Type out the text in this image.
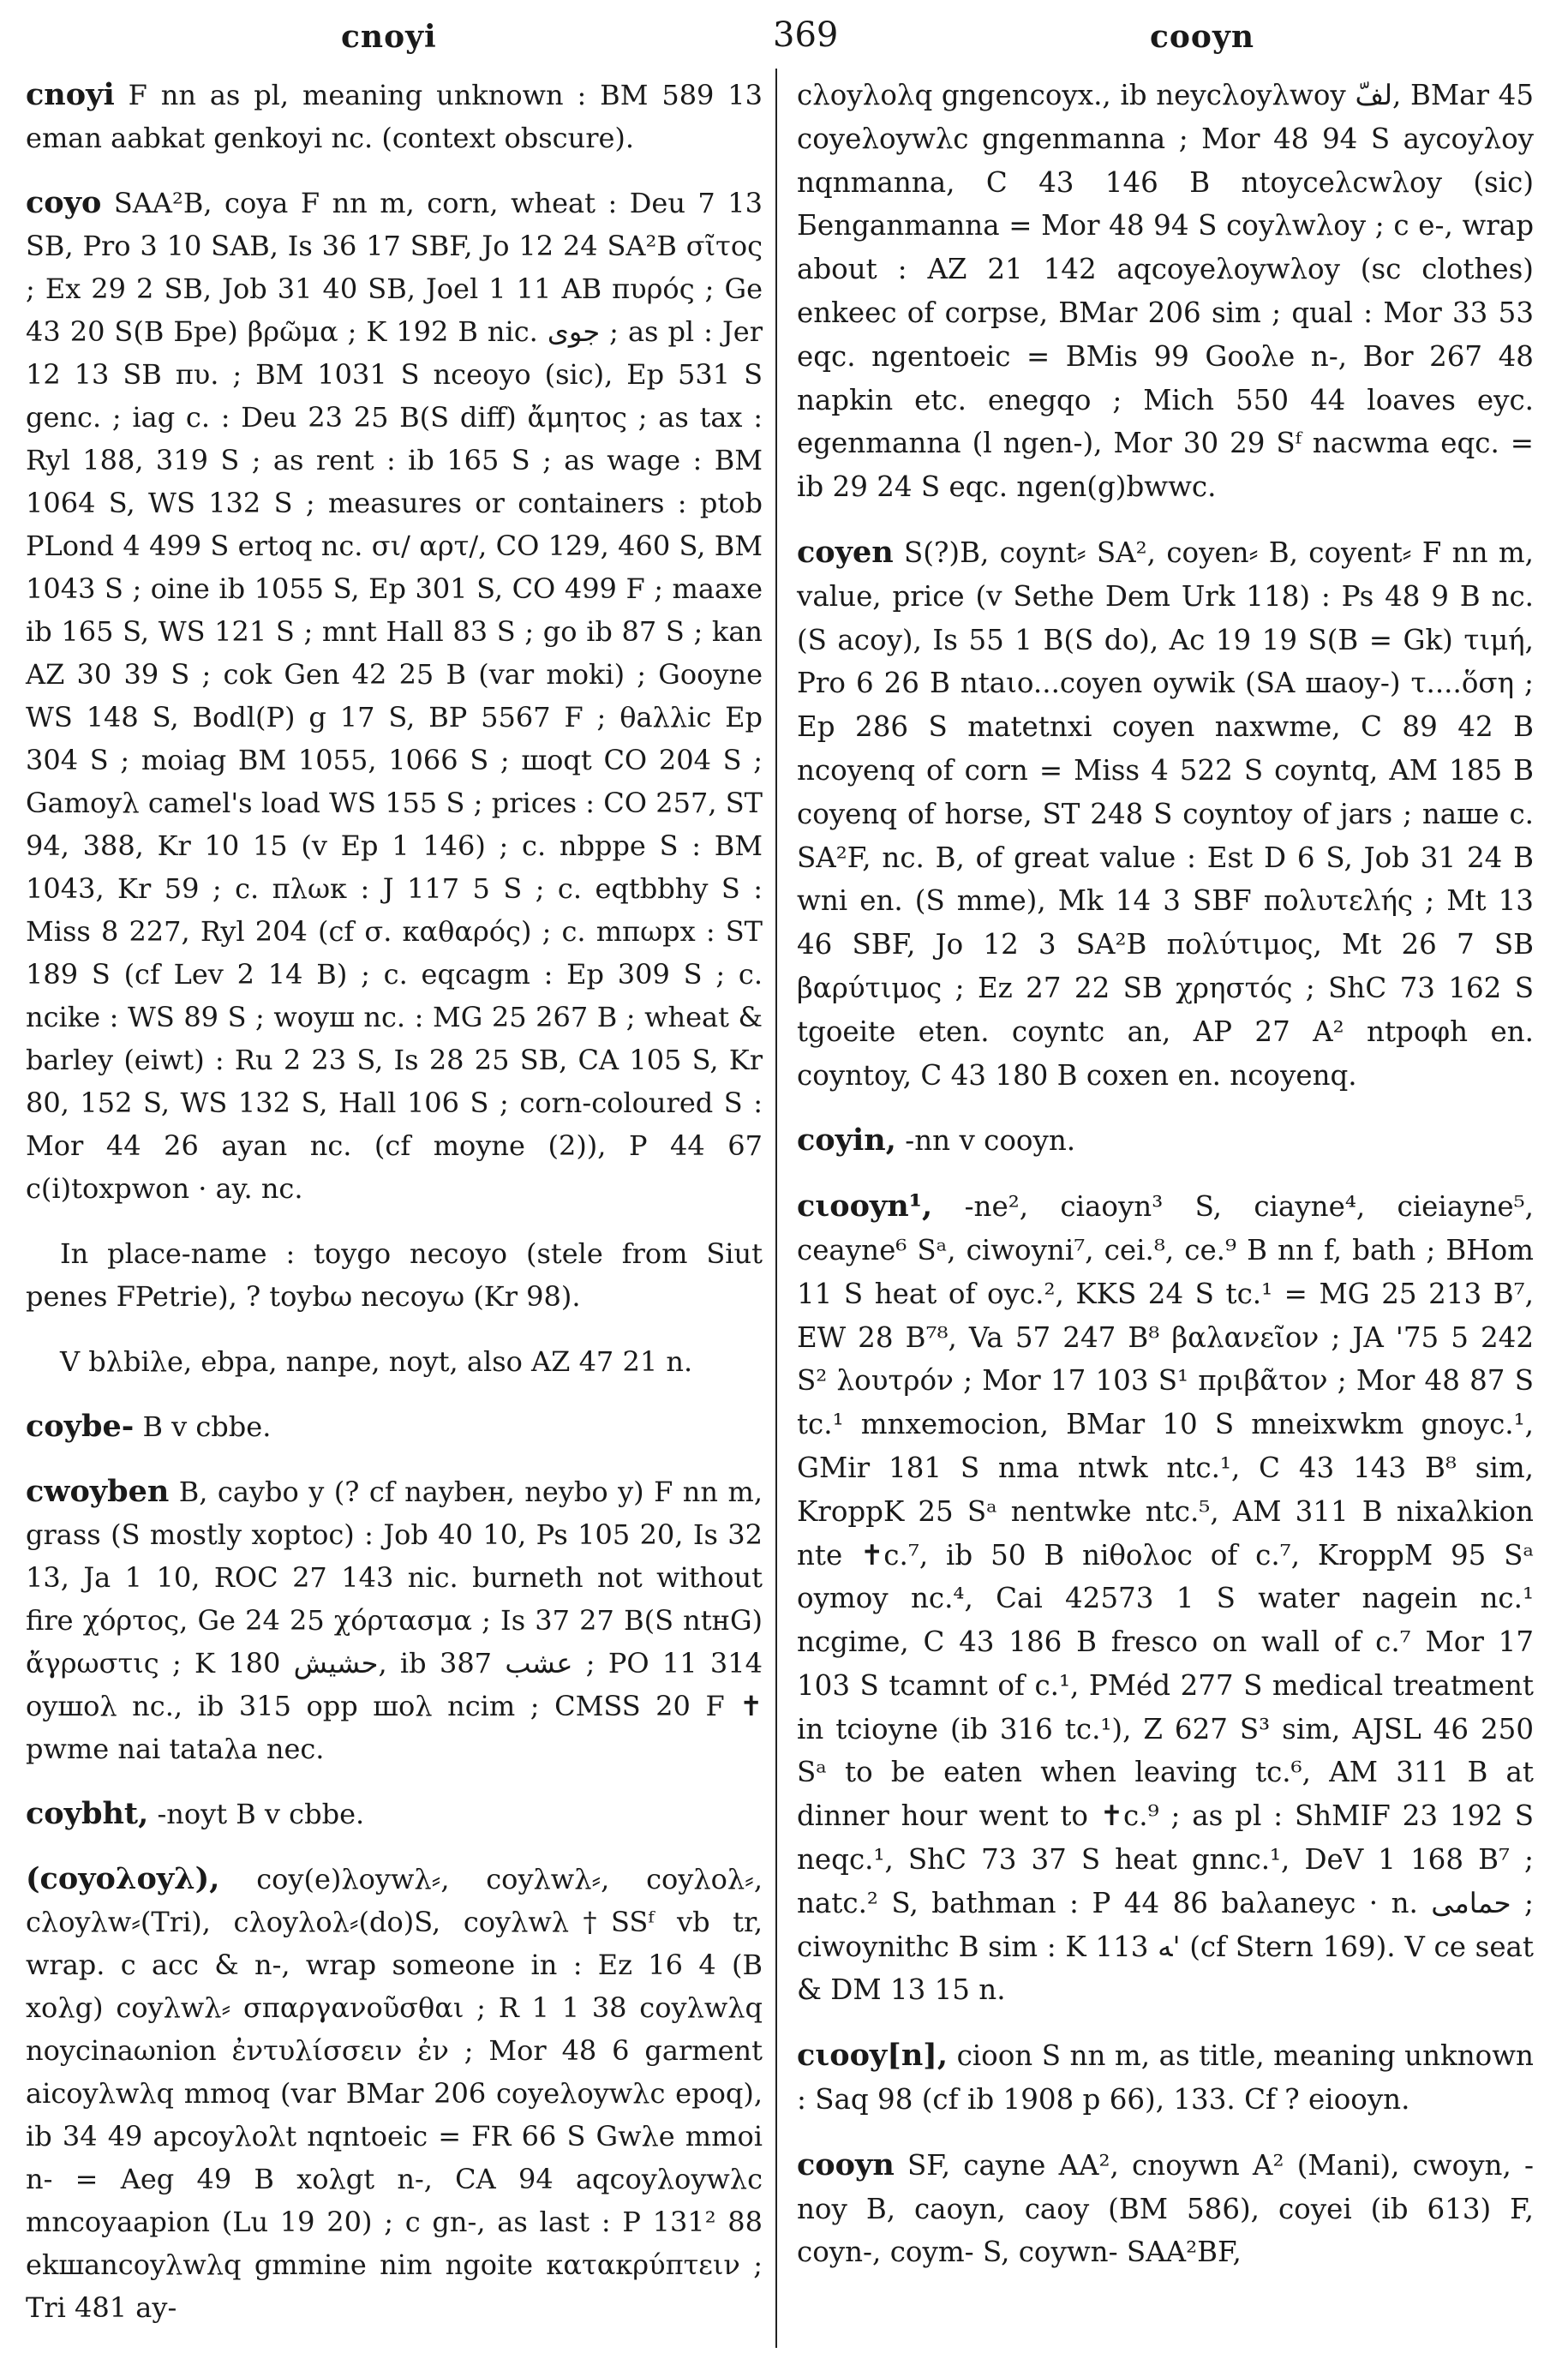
cnoyi	369	cooyn

cnoyi F nn as pl, meaning unknown : BM 589 13 eman aabkat genkoyi nc. (context obscure).

coyo SAA²B, coya F nn m, corn, wheat : Deu 7 13 SB, Pro 3 10 SAB, Is 36 17 SBF, Jo 12 24 SA²B σῖτος ; Ex 29 2 SB, Job 31 40 SB, Joel 1 11 AB πυρός ; Ge 43 20 S(B Бpe) βρῶμα ; K 192 B nic. ﺟﻮﻯ ; as pl : Jer 12 13 SB πυ. ; BM 1031 S nceoyo (sic), Ep 531 S genc. ; iag c. : Deu 23 25 B(S diff) ἄμητος ; as tax : Ryl 188, 319 S ; as rent : ib 165 S ; as wage : BM 1064 S, WS 132 S ; measures or containers : ptob PLond 4 499 S ertoq nc. σι/ αρτ/, CO 129, 460 S, BM 1043 S ; oine ib 1055 S, Ep 301 S, CO 499 F ; maaxe ib 165 S, WS 121 S ; mnt Hall 83 S ; go ib 87 S ; kan AZ 30 39 S ; cok Gen 42 25 B (var moki) ; Gooyne WS 148 S, Bodl(P) g 17 S, BP 5567 F ; θaλλic Ep 304 S ; moiag BM 1055, 1066 S ; шoqt CO 204 S ; Gamoyλ camel's load WS 155 S ; prices : CO 257, ST 94, 388, Kr 10 15 (v Ep 1 146) ; c. nbppe S : BM 1043, Kr 59 ; c. πλωκ : J 117 5 S ; c. eqtbbhy S : Miss 8 227, Ryl 204 (cf σ. καθαρός) ; c. mπωpx : ST 189 S (cf Lev 2 14 B) ; c. eqcagm : Ep 309 S ; c. ncike : WS 89 S ; woyш nc. : MG 25 267 B ; wheat & barley (eiwt) : Ru 2 23 S, Is 28 25 SB, CA 105 S, Kr 80, 152 S, WS 132 S, Hall 106 S ; corn-coloured S : Mor 44 26 ayan nc. (cf moyne (2)), P 44 67 c(i)toxpwon · ay. nc.

In place-name : toygo necoyo (stele from Siut penes FPetrie), ? toybω necoyω (Kr 98).

V bλbiλe, ebpa, nanpe, noyt, also AZ 47 21 n.

coybe- B v cbbe.

cwoyben B, caybo y (? cf naybeн, neybo y) F nn m, grass (S mostly xoptoc) : Job 40 10, Ps 105 20, Is 32 13, Ja 1 10, ROC 27 143 nic. burneth not without fire χόρτος, Ge 24 25 χόρτασμα ; Is 37 27 B(S ntнG) ἄγρωστις ; K 180 حشيش, ib 387 عشب ; PO 11 314 oyшoλ nc., ib 315 opp шoλ ncim ; CMSS 20 F ✝ pwme nai tataλa nec.

coybht, -noyt B v cbbe.

(coyoλoyλ), coy(e)λoywλ⸗, coyλwλ⸗, coyλoλ⸗, cλoyλw⸗(Tri), cλoyλoλ⸗(do)S, coyλwλ†SSᶠ vb tr, wrap. c acc & n-, wrap someone in : Ez 16 4 (B xoλg) coyλwλ⸗ σπαργανοῦσθαι ; R 1 1 38 coyλwλq noycinaωnion ἐντυλίσσειν ἐν ; Mor 48 6 garment aicoyλwλq mmoq (var BMar 206 coyeλoywλc epoq), ib 34 49 apcoyλoλt nqntoeic = FR 66 S Gwλe mmoi n- = Aeg 49 B xoλgt n-, CA 94 aqcoyλoywλc mncoyaapion (Lu 19 20) ; c gn-, as last : P 131² 88 ekшancoyλwλq gmmine nim ngoite κατακρύπτειν ; Tri 481 ay-

cλoyλoλq gngencoyx., ib neycλoyλwoy لفّ, BMar 45 coyeλoywλc gngenmanna ; Mor 48 94 S aycoyλoy nqnmanna, C 43 146 B ntoyceλcwλoy (sic) Бenganmanna = Mor 48 94 S coyλwλoy ; c e-, wrap about : AZ 21 142 aqcoyeλoywλoy (sc clothes) enkeec of corpse, BMar 206 sim ; qual : Mor 33 53 eqc. ngentoeic = BMis 99 Gooλe n-, Bor 267 48 napkin etc. enegqo ; Mich 550 44 loaves eyc. egenmanna (l ngen-), Mor 30 29 Sᶠ nacwma eqc. = ib 29 24 S eqc. ngen(g)bwwc.

coyen S(?)B, coynt⸗ SA², coyen⸗ B, coyent⸗ F nn m, value, price (v Sethe Dem Urk 118) : Ps 48 9 B nc. (S acoy), Is 55 1 B(S do), Ac 19 19 S(B = Gk) τιμή, Pro 6 26 B ntaιo...coyen oywik (SA шaoy-) τ....ὅση ; Ep 286 S matetnxi coyen naxwme, C 89 42 B ncoyenq of corn = Miss 4 522 S coyntq, AM 185 B coyenq of horse, ST 248 S coyntoy of jars ; naшe c. SA²F, nc. B, of great value : Est D 6 S, Job 31 24 B wni en. (S mme), Mk 14 3 SBF πολυτελής ; Mt 13 46 SBF, Jo 12 3 SA²B πολύτιμος, Mt 26 7 SB βαρύτιμος ; Ez 27 22 SB χρηστός ; ShC 73 162 S tgoeite eten. coyntc an, AP 27 A² ntpoφh en. coyntoy, C 43 180 B coxen en. ncoyenq.

coyin, -nn v cooyn.

cιooyn¹, -ne², ciaoyn³ S, ciayne⁴, cieiayne⁵, ceayne⁶ Sᵃ, ciwoyni⁷, cei.⁸, ce.⁹ B nn f, bath ; BHom 11 S heat of oyc.², KKS 24 S tc.¹ = MG 25 213 B⁷, EW 28 B⁷⁸, Va 57 247 B⁸ βαλανεῖον ; JA '75 5 242 S² λουτρόν ; Mor 17 103 S¹ πριβᾶτον ; Mor 48 87 S tc.¹ mnxemocion, BMar 10 S mneixwkm gnoyc.¹, GMir 181 S nma ntwk ntc.¹, C 43 143 B⁸ sim, KroppK 25 Sᵃ nentwke ntc.⁵, AM 311 B nixaλkion nte ✝c.⁷, ib 50 B niθoλoc of c.⁷, KroppM 95 Sᵃ oymoy nc.⁴, Cai 42573 1 S water nagein nc.¹ ncgime, C 43 186 B fresco on wall of c.⁷ Mor 17 103 S tcamnt of c.¹, PMéd 277 S medical treatment in tcioyne (ib 316 tc.¹), Z 627 S³ sim, AJSL 46 250 Sᵃ to be eaten when leaving tc.⁶, AM 311 B at dinner hour went to ✝c.⁹ ; as pl : ShMIF 23 192 S neqc.¹, ShC 73 37 S heat gnnc.¹, DeV 1 168 B⁷ ; natc.² S, bathman : P 44 86 baλaneyc · n. حمامى ; ciwoynithc B sim : K 113 ﻪ' (cf Stern 169). V ce seat & DM 13 15 n.

cιooy[n], cioon S nn m, as title, meaning unknown : Saq 98 (cf ib 1908 p 66), 133. Cf ? eiooyn.

cooyn SF, cayne AA², cnoywn A² (Mani), cwoyn, -noy B, caoyn, caoy (BM 586), coyei (ib 613) F, coyn-, coym- S, coywn- SAA²BF,
